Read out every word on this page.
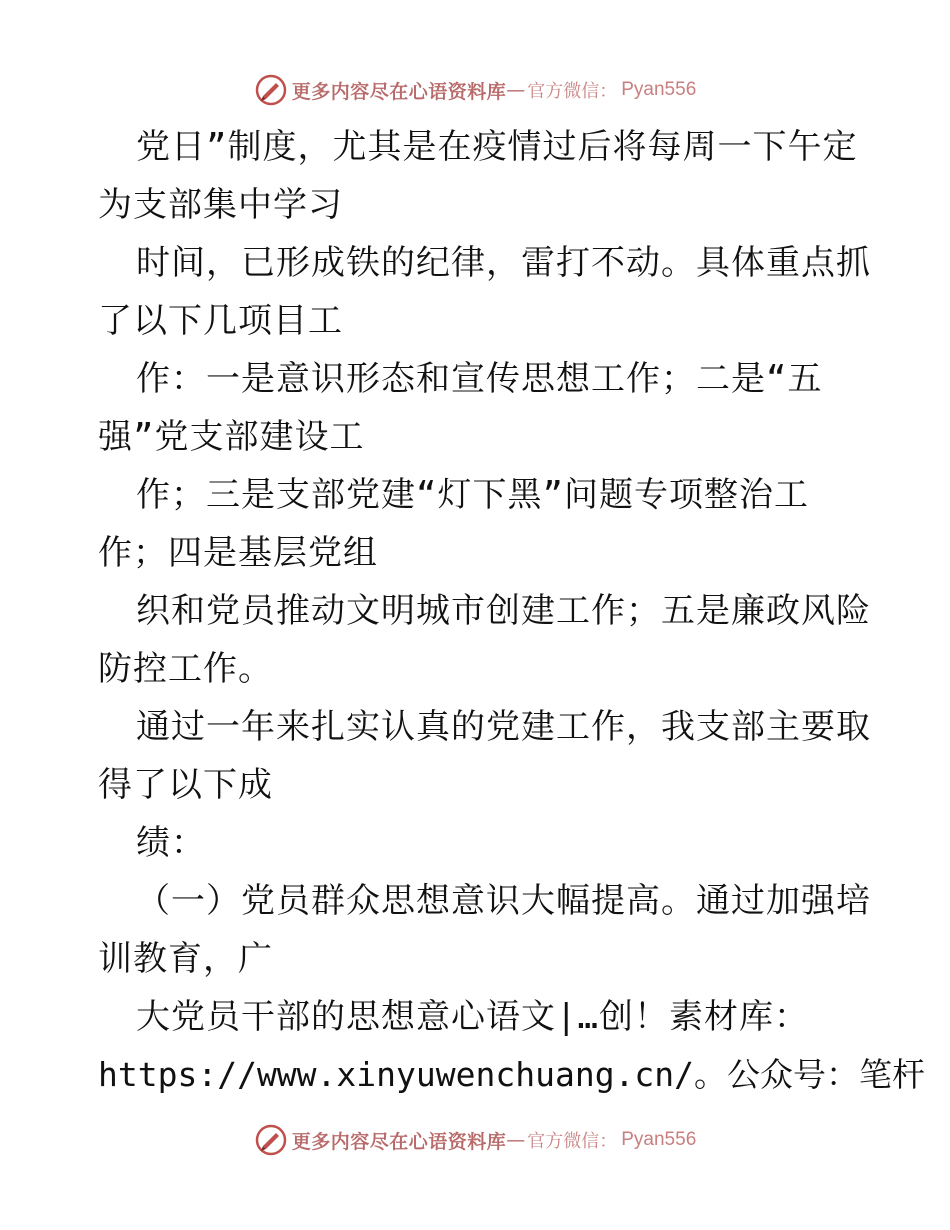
更多内容尽在心语资料库 — 官方微信： Pyan556
党日”制度，尤其是在疫情过后将每周一下午定
为支部集中学习
时间，已形成铁的纪律，雷打不动。具体重点抓
了以下几项目工
作：一是意识形态和宣传思想工作；二是“五
强”党支部建设工
作；三是支部党建“灯下黑”问题专项整治工
作；四是基层党组
织和党员推动文明城市创建工作；五是廉政风险
防控工作。
通过一年来扎实认真的党建工作，我支部主要取
得了以下成
绩：
（一）党员群众思想意识大幅提高。通过加强培
训教育，广
大党员干部的思想意心语文|…创！素材库：
https://www.xinyuwenchuang.cn/。公众号：笔杆
更多内容尽在心语资料库 — 官方微信： Pyan556
